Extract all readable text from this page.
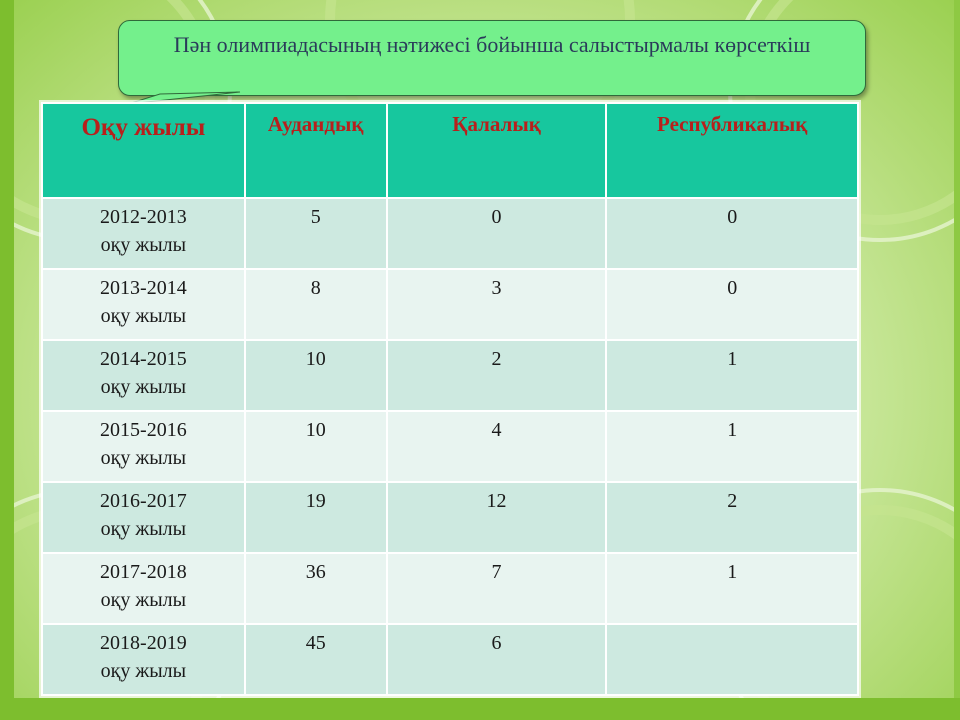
Пән олимпиадасының нәтижесі бойынша салыстырмалы көрсеткіш
Оқу жылы	Аудандық	Қалалық	Республикалық

2012-2013
оқу жылы	5	0	0

2013-2014
оқу жылы	8	3	0

2014-2015
оқу жылы	10	2	1

2015-2016
оқу жылы	10	4	1

2016-2017
оқу жылы	19	12	2

2017-2018
оқу жылы	36	7	1

2018-2019
оқу жылы	45	6	
